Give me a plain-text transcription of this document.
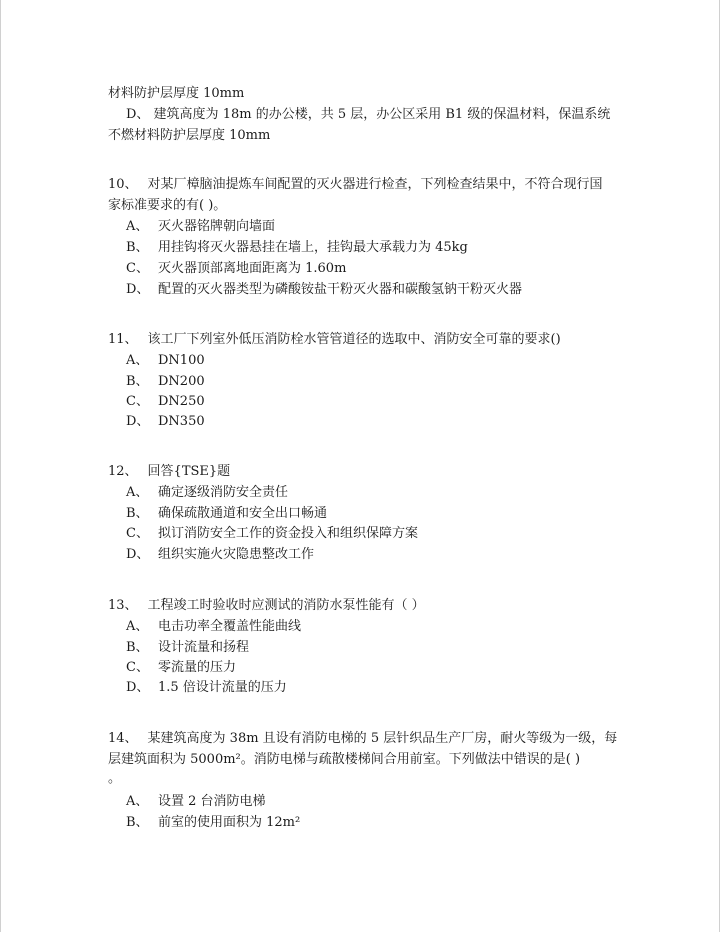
材料防护层厚度 10mm
D、 建筑高度为 18m 的办公楼，共 5 层，办公区采用 B1 级的保温材料，保温系统
不燃材料防护层厚度 10mm
10、 对某厂樟脑油提炼车间配置的灭火器进行检查，下列检查结果中，不符合现行国
家标准要求的有( )。
A、 灭火器铭牌朝向墙面
B、 用挂钩将灭火器悬挂在墙上，挂钩最大承载力为 45kg
C、 灭火器顶部离地面距离为 1.60m
D、 配置的灭火器类型为磷酸铵盐干粉灭火器和碳酸氢钠干粉灭火器
11、 该工厂下列室外低压消防栓水管管道径的选取中、消防安全可靠的要求()
A、 DN100
B、 DN200
C、 DN250
D、 DN350
12、 回答{TSE}题
A、 确定逐级消防安全责任
B、 确保疏散通道和安全出口畅通
C、 拟订消防安全工作的资金投入和组织保障方案
D、 组织实施火灾隐患整改工作
13、 工程竣工时验收时应测试的消防水泵性能有（ ）
A、 电击功率全覆盖性能曲线
B、 设计流量和扬程
C、 零流量的压力
D、 1.5 倍设计流量的压力
14、 某建筑高度为 38m 且设有消防电梯的 5 层针织品生产厂房，耐火等级为一级，每
层建筑面积为 5000m²。消防电梯与疏散楼梯间合用前室。下列做法中错误的是( )
。
A、 设置 2 台消防电梯
B、 前室的使用面积为 12m²
